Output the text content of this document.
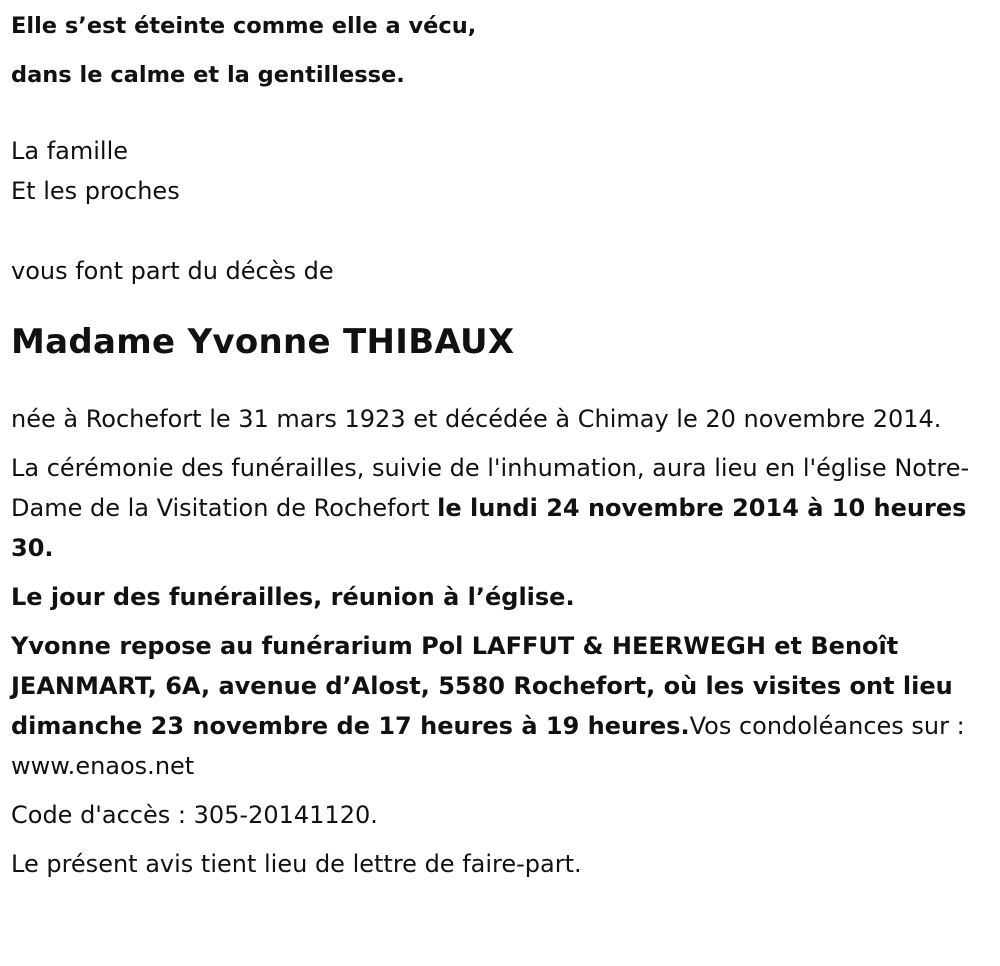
Elle s’est éteinte comme elle a vécu,
dans le calme et la gentillesse.

La famille
Et les proches

vous font part du décès de

Madame Yvonne THIBAUX

née à Rochefort le 31 mars 1923 et décédée à Chimay le 20 novembre 2014.

La cérémonie des funérailles, suivie de l'inhumation, aura lieu en l'église Notre-Dame de la Visitation de Rochefort le lundi 24 novembre 2014 à 10 heures 30.

Le jour des funérailles, réunion à l’église.

Yvonne repose au funérarium Pol LAFFUT & HEERWEGH et Benoît JEANMART, 6A, avenue d’Alost, 5580 Rochefort, où les visites ont lieu dimanche 23 novembre de 17 heures à 19 heures.Vos condoléances sur : www.enaos.net

Code d'accès : 305-20141120.

Le présent avis tient lieu de lettre de faire-part.
